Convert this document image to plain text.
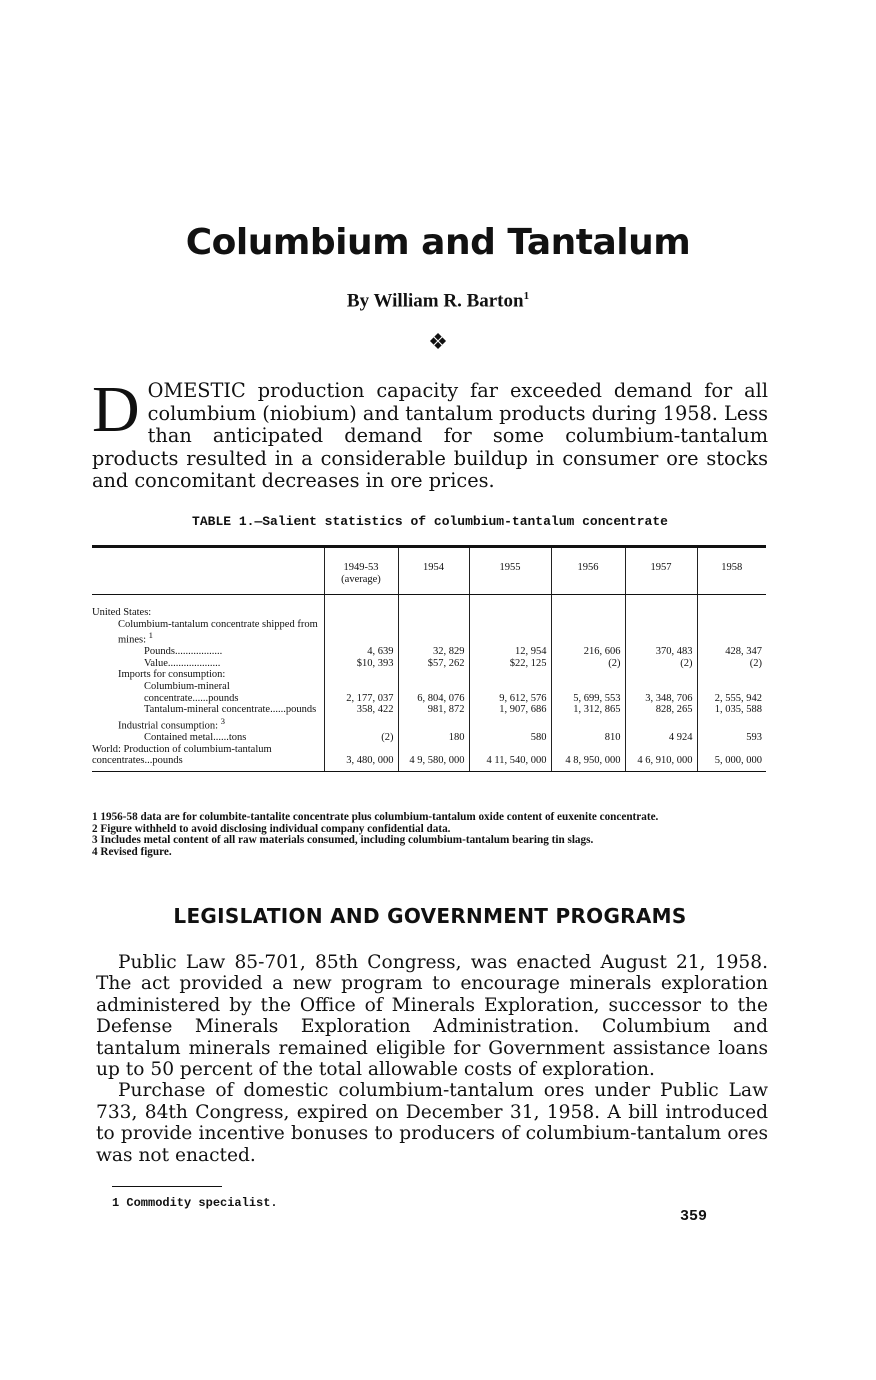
Columbium and Tantalum
By William R. Barton$^1$
❖
DOMESTIC production capacity far exceeded demand for all columbium (niobium) and tantalum products during 1958. Less than anticipated demand for some columbium-tantalum products resulted in a considerable buildup in consumer ore stocks and concomitant decreases in ore prices.
TABLE 1.—Salient statistics of columbium-tantalum concentrate
	1949-53 (average)	1954	1955	1956	1957	1958

United States:						
Columbium-tantalum concentrate shipped from mines: $^1$						
Pounds..................	4, 639	32, 829	12, 954	216, 606	370, 483	428, 347
Value....................	$10, 393	$57, 262	$22, 125	(2)	(2)	(2)
Imports for consumption:						
Columbium-mineral concentrate......pounds	2, 177, 037	6, 804, 076	9, 612, 576	5, 699, 553	3, 348, 706	2, 555, 942
Tantalum-mineral concentrate......pounds	358, 422	981, 872	1, 907, 686	1, 312, 865	828, 265	1, 035, 588
Industrial consumption: $^3$						
Contained metal......tons	(2)	180	580	810	4 924	593
World: Production of columbium-tantalum concentrates...pounds	3, 480, 000	4 9, 580, 000	4 11, 540, 000	4 8, 950, 000	4 6, 910, 000	5, 000, 000
1 1956-58 data are for columbite-tantalite concentrate plus columbium-tantalum oxide content of euxenite concentrate.
2 Figure withheld to avoid disclosing individual company confidential data.
3 Includes metal content of all raw materials consumed, including columbium-tantalum bearing tin slags.
4 Revised figure.
LEGISLATION AND GOVERNMENT PROGRAMS

Public Law 85-701, 85th Congress, was enacted August 21, 1958. The act provided a new program to encourage minerals exploration administered by the Office of Minerals Exploration, successor to the Defense Minerals Exploration Administration. Columbium and tantalum minerals remained eligible for Government assistance loans up to 50 percent of the total allowable costs of exploration.

Purchase of domestic columbium-tantalum ores under Public Law 733, 84th Congress, expired on December 31, 1958. A bill introduced to provide incentive bonuses to producers of columbium-tantalum ores was not enacted.

1 Commodity specialist.
359
